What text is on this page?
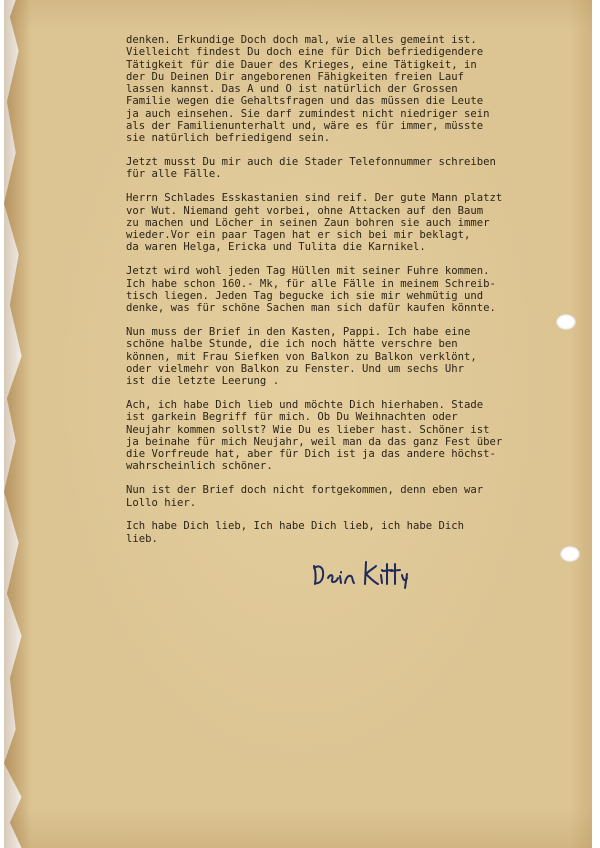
denken. Erkundige Doch doch mal, wie alles gemeint ist.
Vielleicht findest Du doch eine für Dich befriedigendere
Tätigkeit für die Dauer des Krieges, eine Tätigkeit, in
der Du Deinen Dir angeborenen Fähigkeiten freien Lauf
lassen kannst. Das A und O ist natürlich der Grossen
Familie wegen die Gehaltsfragen und das müssen die Leute
ja auch einsehen. Sie darf zumindest nicht niedriger sein
als der Familienunterhalt und, wäre es für immer, müsste
sie natürlich befriedigend sein.
Jetzt musst Du mir auch die Stader Telefonnummer schreiben
für alle Fälle.
Herrn Schlades Esskastanien sind reif. Der gute Mann platzt
vor Wut. Niemand geht vorbei, ohne Attacken auf den Baum
zu machen und Löcher in seinen Zaun bohren sie auch immer
wieder.Vor ein paar Tagen hat er sich bei mir beklagt,
da waren Helga, Ericka und Tulita die Karnikel.
Jetzt wird wohl jeden Tag Hüllen mit seiner Fuhre kommen.
Ich habe schon 160.- Mk, für alle Fälle in meinem Schreib-
tisch liegen. Jeden Tag begucke ich sie mir wehmütig und
denke, was für schöne Sachen man sich dafür kaufen könnte.
Nun muss der Brief in den Kasten, Pappi. Ich habe eine
schöne halbe Stunde, die ich noch hätte verschre ben
können, mit Frau Siefken von Balkon zu Balkon verklönt,
oder vielmehr von Balkon zu Fenster. Und um sechs Uhr
ist die letzte Leerung .
Ach, ich habe Dich lieb und möchte Dich hierhaben. Stade
ist garkein Begriff für mich. Ob Du Weihnachten oder
Neujahr kommen sollst? Wie Du es lieber hast. Schöner ist
ja beinahe für mich Neujahr, weil man da das ganz Fest über
die Vorfreude hat, aber für Dich ist ja das andere höchst-
wahrscheinlich schöner.
Nun ist der Brief doch nicht fortgekommen, denn eben war
Lollo hier.
Ich habe Dich lieb, Ich habe Dich lieb, ich habe Dich
lieb.
